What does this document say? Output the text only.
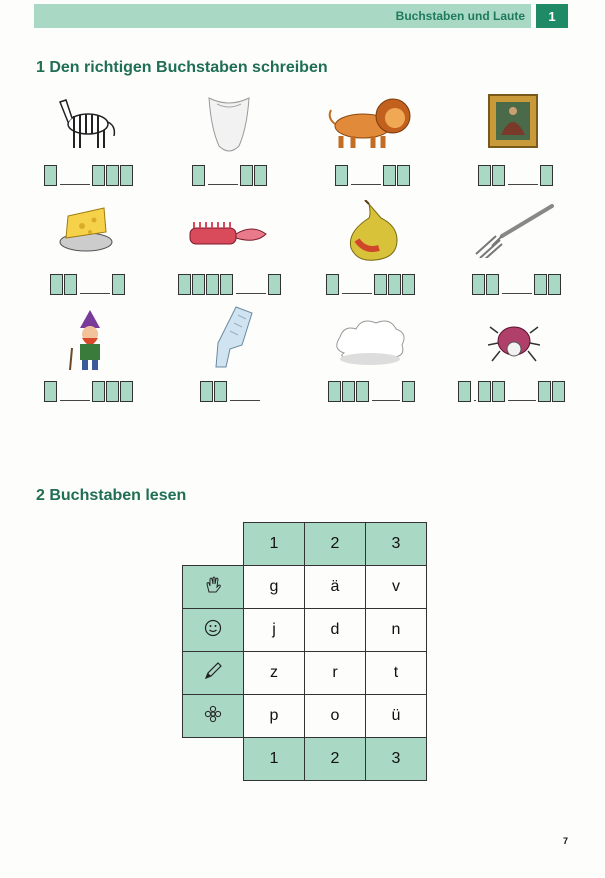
Buchstaben und Laute	1
1 Den richtigen Buchstaben schreiben
2 Buchstaben lesen
	1	2	3
	g	ä	v
	j	d	n
	z	r	t
	p	o	ü
	1	2	3
7
